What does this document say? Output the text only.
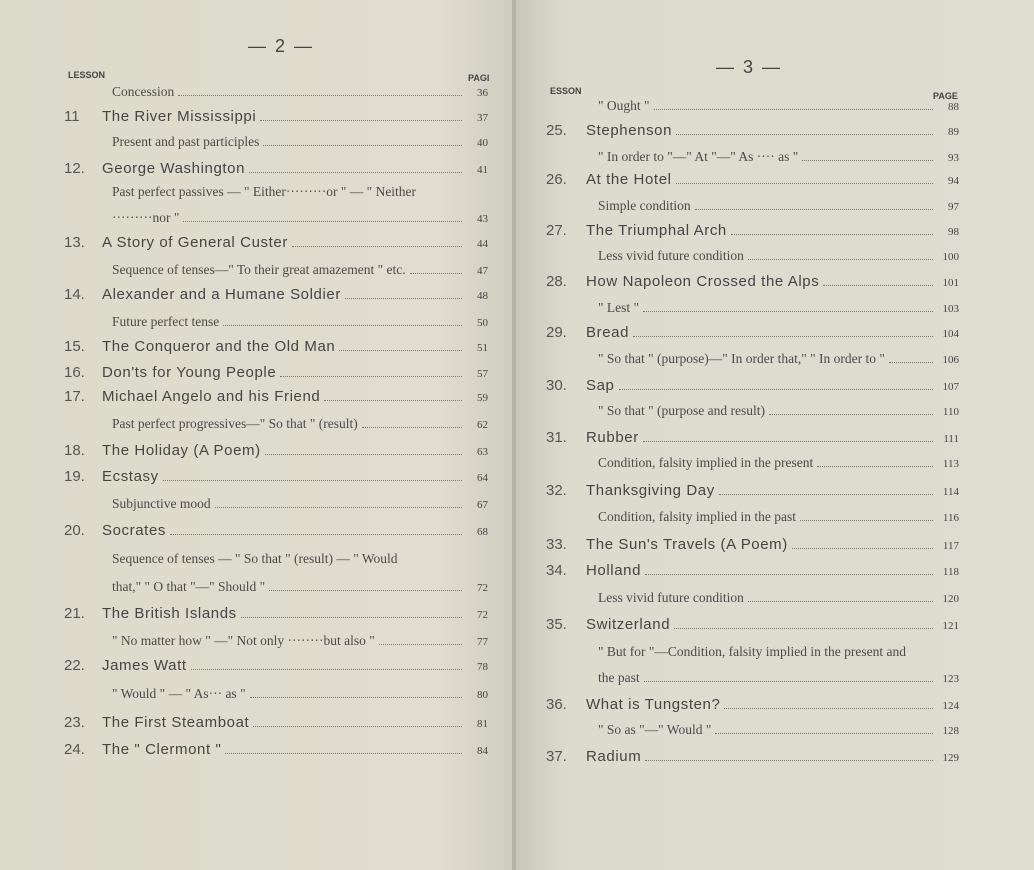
— 2 —
LESSON	PAGI
Concession	36
11	The River Mississippi	37
Present and past participles	40
12.	George Washington	41
Past perfect passives — " Either·········or " — " Neither
·········nor "	43
13.	A Story of General Custer	44
Sequence of tenses—" To their great amazement " etc.	47
14.	Alexander and a Humane Soldier	48
Future perfect tense	50
15.	The Conqueror and the Old Man	51
16.	Don'ts for Young People	57
17.	Michael Angelo and his Friend	59
Past perfect progressives—" So that " (result)	62
18.	The Holiday (A Poem)	63
19.	Ecstasy	64
Subjunctive mood	67
20.	Socrates	68
Sequence of tenses — " So that " (result) — " Would
that," " O that "—" Should "	72
21.	The British Islands	72
" No matter how " —" Not only ········but also "	77
22.	James Watt	78
" Would " — " As··· as "	80
23.	The First Steamboat	81
24.	The " Clermont "	84
— 3 —
ESSON	PAGE
" Ought "	88
25.	Stephenson	89
" In order to "—" At "—" As ···· as "	93
26.	At the Hotel	94
Simple condition	97
27.	The Triumphal Arch	98
Less vivid future condition	100
28.	How Napoleon Crossed the Alps	101
" Lest "	103
29.	Bread	104
" So that " (purpose)—" In order that," " In order to "	106
30.	Sap	107
" So that " (purpose and result)	110
31.	Rubber	111
Condition, falsity implied in the present	113
32.	Thanksgiving Day	114
Condition, falsity implied in the past	116
33.	The Sun's Travels (A Poem)	117
34.	Holland	118
Less vivid future condition	120
35.	Switzerland	121
" But for "—Condition, falsity implied in the present and
the past	123
36.	What is Tungsten?	124
" So as "—" Would "	128
37.	Radium	129
